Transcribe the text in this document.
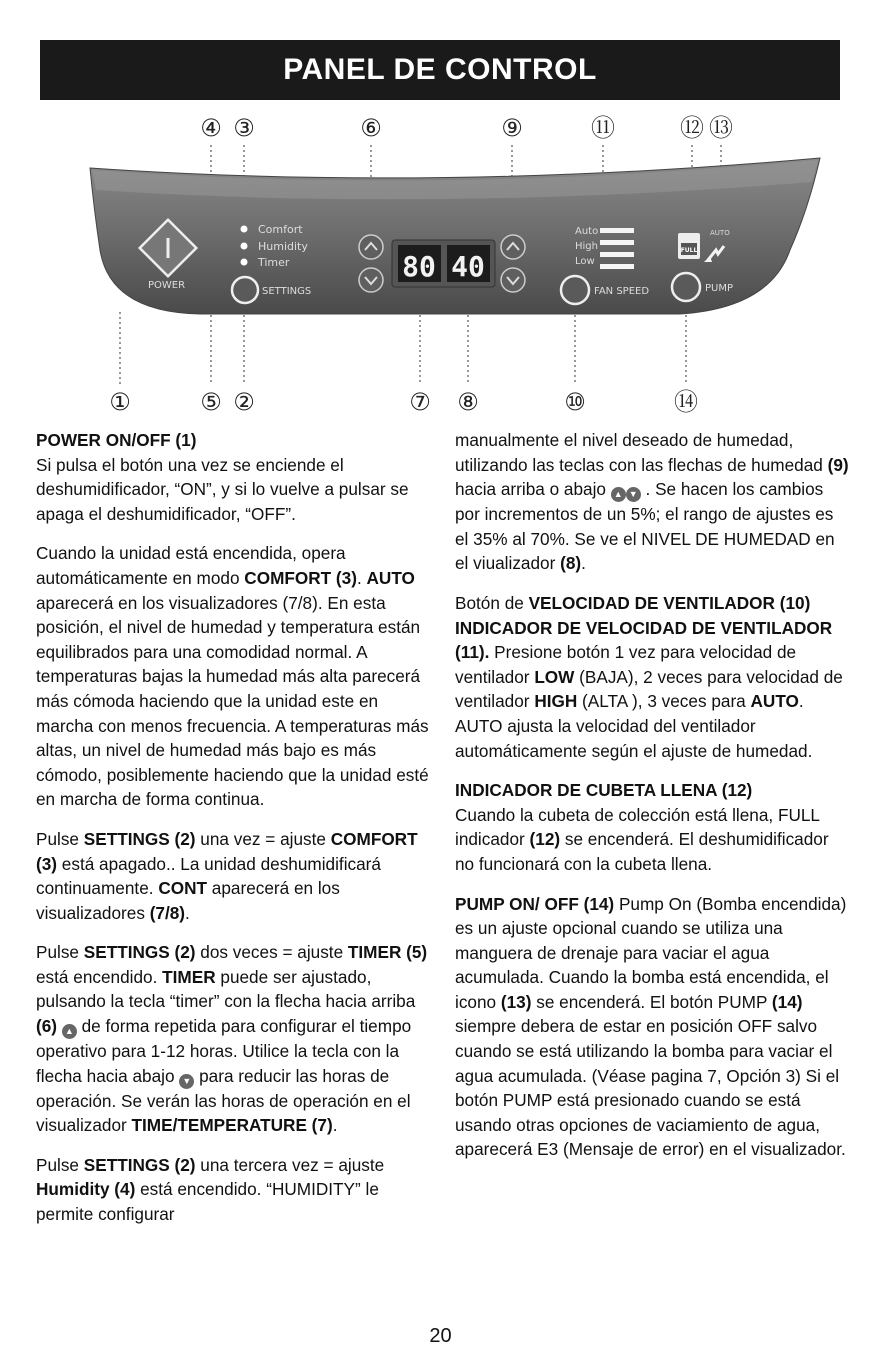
PANEL DE CONTROL
④ ③	⑥	⑨	⑪	⑫ ⑬
POWER
Comfort
Humidity
Timer
SETTINGS
80 40
Auto
High
Low
FAN SPEED
FULL
AUTO
PUMP
①	⑤ ②	⑦ ⑧	⑩	⑭

POWER ON/OFF (1)
Si pulsa el botón una vez se enciende el deshumidificador, “ON”, y si lo vuelve a pulsar se apaga el deshumidificador, “OFF”.

Cuando la unidad está encendida, opera automáticamente en modo COMFORT (3). AUTO aparecerá en los visualizadores (7/8). En esta posición, el nivel de humedad y temperatura están equilibrados para una comodidad normal. A temperaturas bajas la humedad más alta parecerá más cómoda haciendo que la unidad este en marcha con menos frecuencia. A temperaturas más altas, un nivel de humedad más bajo es más cómodo, posiblemente haciendo que la unidad esté en marcha de forma continua.

Pulse SETTINGS (2) una vez = ajuste COMFORT (3) está apagado.. La unidad deshumidificará continuamente. CONT aparecerá en los visualizadores (7/8).

Pulse SETTINGS (2) dos veces = ajuste TIMER (5) está encendido. TIMER puede ser ajustado, pulsando la tecla “timer” con la flecha hacia arriba (6) ▲ de forma repetida para configurar el tiempo operativo para 1-12 horas. Utilice la tecla con la flecha hacia abajo ▼ para reducir las horas de operación. Se verán las horas de operación en el visualizador TIME/TEMPERATURE (7).

Pulse SETTINGS (2) una tercera vez = ajuste Humidity (4) está encendido. “HUMIDITY” le permite configurar

manualmente el nivel deseado de humedad, utilizando las teclas con las flechas de humedad (9) hacia arriba o abajo ▲ ▼ . Se hacen los cambios por incrementos de un 5%; el rango de ajustes es el 35% al 70%. Se ve el NIVEL DE HUMEDAD en el viualizador (8).

Botón de VELOCIDAD DE VENTILADOR (10) INDICADOR DE VELOCIDAD DE VENTILADOR (11). Presione botón 1 vez para velocidad de ventilador LOW (BAJA), 2 veces para velocidad de ventilador HIGH (ALTA ), 3 veces para AUTO. AUTO ajusta la velocidad del ventilador automáticamente según el ajuste de humedad.

INDICADOR DE CUBETA LLENA (12)
Cuando la cubeta de colección está llena, FULL indicador (12) se encenderá. El deshumidificador no funcionará con la cubeta llena.

PUMP ON/ OFF (14) Pump On (Bomba encendida) es un ajuste opcional cuando se utiliza una manguera de drenaje para vaciar el agua acumulada. Cuando la bomba está encendida, el icono (13) se encenderá. El botón PUMP (14) siempre debera de estar en posición OFF salvo cuando se está utilizando la bomba para vaciar el agua acumulada. (Véase pagina 7, Opción 3) Si el botón PUMP está presionado cuando se está usando otras opciones de vaciamiento de agua, aparecerá E3 (Mensaje de error) en el visualizador.

20
